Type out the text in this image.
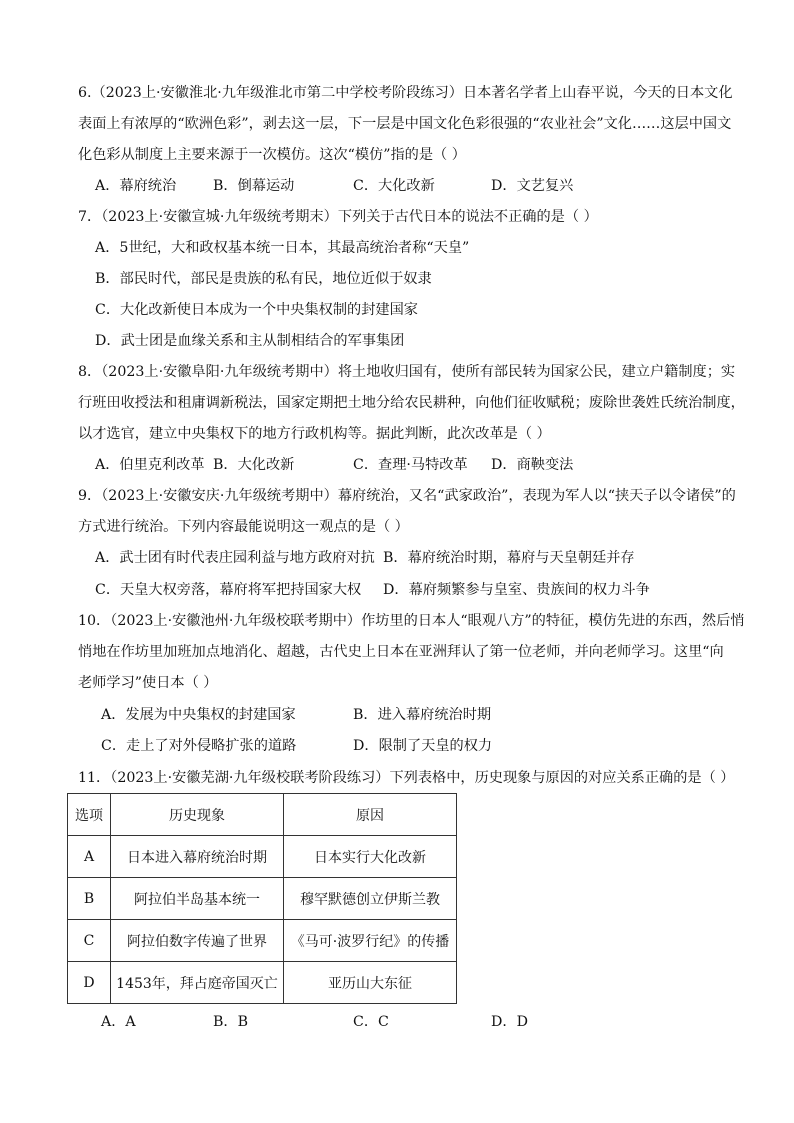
6.（2023上·安徽淮北·九年级淮北市第二中学校考阶段练习）日本著名学者上山春平说，今天的日本文化
表面上有浓厚的“欧洲色彩”，剥去这一层，下一层是中国文化色彩很强的“农业社会”文化……这层中国文
化色彩从制度上主要来源于一次模仿。这次“模仿”指的是（ ）
A．幕府统治	B．倒幕运动	C．大化改新	D．文艺复兴
7．（2023上·安徽宣城·九年级统考期末）下列关于古代日本的说法不正确的是（ ）
A．5世纪，大和政权基本统一日本，其最高统治者称“天皇”
B．部民时代，部民是贵族的私有民，地位近似于奴隶
C．大化改新使日本成为一个中央集权制的封建国家
D．武士团是血缘关系和主从制相结合的军事集团
8．（2023上·安徽阜阳·九年级统考期中）将土地收归国有，使所有部民转为国家公民，建立户籍制度；实
行班田收授法和租庸调新税法，国家定期把土地分给农民耕种，向他们征收赋税；废除世袭姓氏统治制度，
以才选官，建立中央集权下的地方行政机构等。据此判断，此次改革是（ ）
A．伯里克利改革 B．大化改新	C．查理·马特改革 D．商鞅变法
9．（2023上·安徽安庆·九年级统考期中）幕府统治，又名“武家政治”，表现为军人以“挟天子以令诸侯”的
方式进行统治。下列内容最能说明这一观点的是（ ）
A．武士团有时代表庄园利益与地方政府对抗 B．幕府统治时期，幕府与天皇朝廷并存
C．天皇大权旁落，幕府将军把持国家大权 D．幕府频繁参与皇室、贵族间的权力斗争
10．（2023上·安徽池州·九年级校联考期中）作坊里的日本人“眼观八方”的特征，模仿先进的东西，然后悄
悄地在作坊里加班加点地消化、超越，古代史上日本在亚洲拜认了第一位老师，并向老师学习。这里“向
老师学习”使日本（ ）
A．发展为中央集权的封建国家	B．进入幕府统治时期
C．走上了对外侵略扩张的道路	D．限制了天皇的权力
11．（2023上·安徽芜湖·九年级校联考阶段练习）下列表格中，历史现象与原因的对应关系正确的是（ ）
选项	历史现象	原因
A	日本进入幕府统治时期	日本实行大化改新
B	阿拉伯半岛基本统一	穆罕默德创立伊斯兰教
C	阿拉伯数字传遍了世界	《马可·波罗行纪》的传播
D	1453年，拜占庭帝国灭亡	亚历山大东征
A．A	B．B	C．C	D．D
